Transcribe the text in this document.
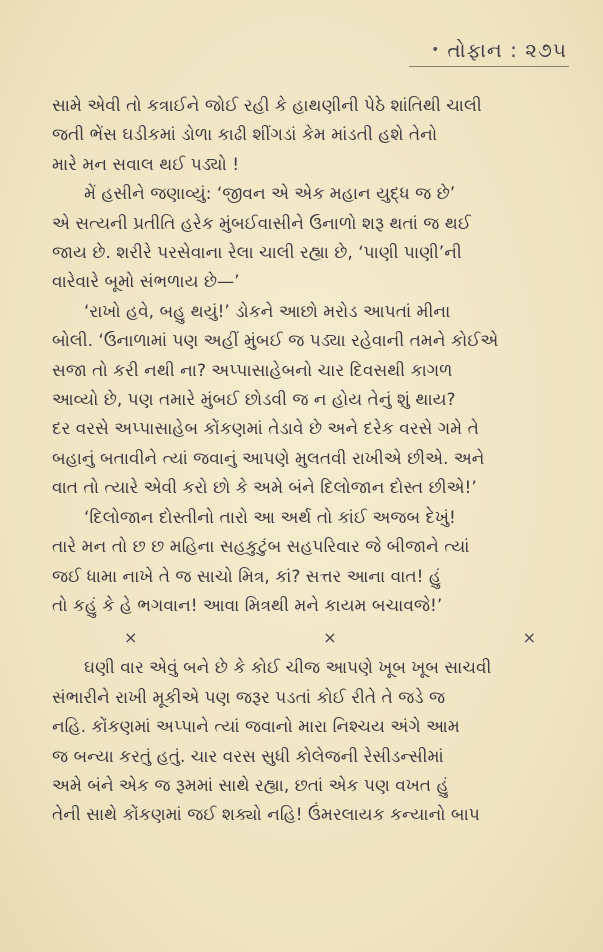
• તોફાન : ૨૭૫

સામે એવી તો કત્રાઈને જોઈ રહી કે હાથણીની પેઠે શાંતિથી ચાલી
જતી ભેંસ ઘડીકમાં ડોળા કાઢી શીંગડાં કેમ માંડતી હશે તેનો
મારે મન સવાલ થઈ પડ્યો !

મેં હસીને જણાવ્યું: ‘જીવન એ એક મહાન યુદ્ધ જ છે’
એ સત્યની પ્રતીતિ હરેક મુંબઈવાસીને ઉનાળો શરૂ થતાં જ થઈ
જાય છે. શરીરે પરસેવાના રેલા ચાલી રહ્યા છે, ‘પાણી પાણી’ની
વારેવારે બૂમો સંભળાય છે—’

‘રાખો હવે, બહુ થયું!’ ડોકને આછો મરોડ આપતાં મીના
બોલી. ‘ઉનાળામાં પણ અહીં મુંબઈ જ પડ્યા રહેવાની તમને કોઈએ
સજા તો કરી નથી ના? અપ્પાસાહેબનો ચાર દિવસથી કાગળ
આવ્યો છે, પણ તમારે મુંબઈ છોડવી જ ન હોય તેનું શું થાય?
દર વરસે અપ્પાસાહેબ કોંકણમાં તેડાવે છે અને દરેક વરસે ગમે તે
બહાનું બતાવીને ત્યાં જવાનું આપણે મુલતવી રાખીએ છીએ. અને
વાત તો ત્યારે એવી કરો છો કે અમે બંને દિલોજાન દોસ્ત છીએ!’

‘દિલોજાન દોસ્તીનો તારો આ અર્થ તો કાંઈ અજબ દેખું!
તારે મન તો છ છ મહિના સહકુટુંબ સહપરિવાર જે બીજાને ત્યાં
જઈ ધામા નાખે તે જ સાચો મિત્ર, કાં? સત્તર આના વાત! હું
તો કહું કે હે ભગવાન! આવા મિત્રથી મને કાયમ બચાવજે!’

×	×	×

ઘણી વાર એવું બને છે કે કોઈ ચીજ આપણે ખૂબ ખૂબ સાચવી
સંભારીને રાખી મૂકીએ પણ જરૂર પડતાં કોઈ રીતે તે જડે જ
નહિ. કોંકણમાં અપ્પાને ત્યાં જવાનો મારા નિશ્ચય અંગે આમ
જ બન્યા કરતું હતું. ચાર વરસ સુધી કોલેજની રેસીડન્સીમાં
અમે બંને એક જ રૂમમાં સાથે રહ્યા, છતાં એક પણ વખત હું
તેની સાથે કોંકણમાં જઈ શક્યો નહિ! ઉંમરલાયક કન્યાનો બાપ
